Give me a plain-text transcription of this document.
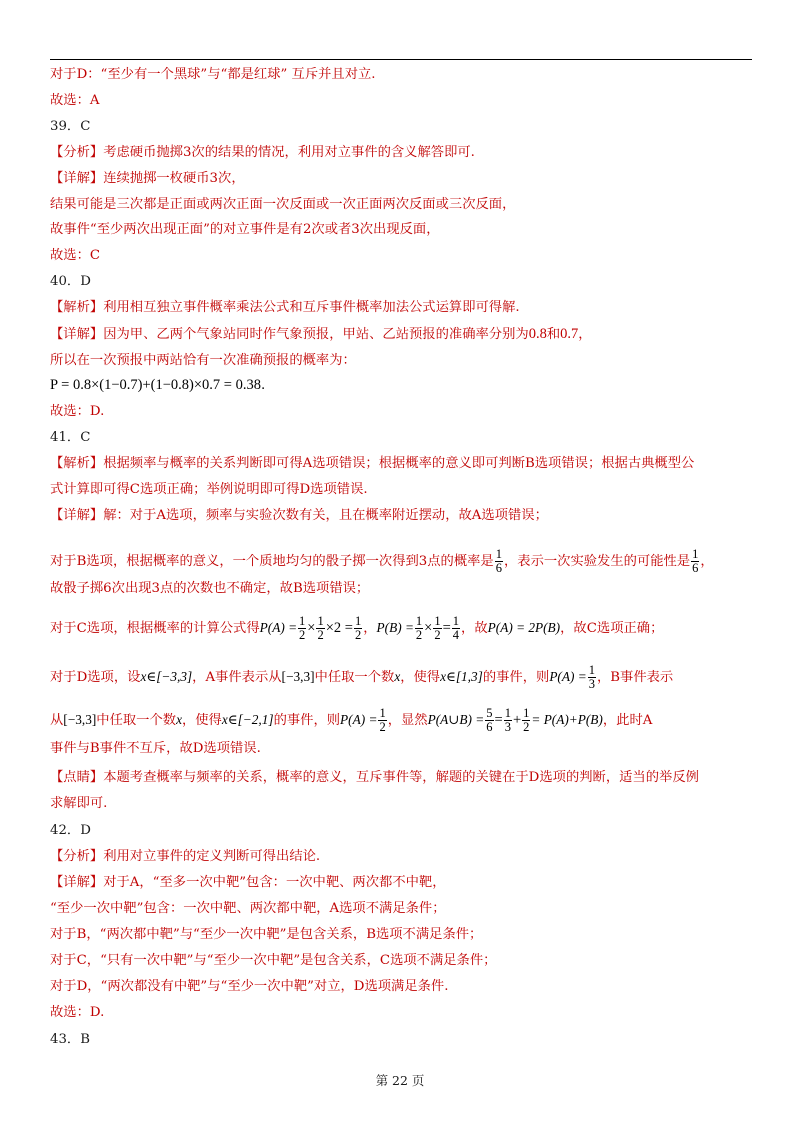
对于D：“至少有一个黑球”与“都是红球” 互斥并且对立.
故选：A
39．C
【分析】考虑硬币抛掷3次的结果的情况，利用对立事件的含义解答即可.
【详解】连续抛掷一枚硬币3次，
结果可能是三次都是正面或两次正面一次反面或一次正面两次反面或三次反面，
故事件“至少两次出现正面”的对立事件是有2次或者3次出现反面，
故选：C
40．D
【解析】利用相互独立事件概率乘法公式和互斥事件概率加法公式运算即可得解.
所以在一次预报中两站恰有一次准确预报的概率为：
故选：D.
41．C
【解析】根据频率与概率的关系判断即可得A选项错误；根据概率的意义即可判断B选项错误；根据古典概型公
式计算即可得C选项正确；举例说明即可得D选项错误.
【详解】解：对于A选项，频率与实验次数有关，且在概率附近摆动，故A选项错误；
故骰子掷6次出现3点的次数也不确定，故B选项错误；
事件与B事件不互斥，故D选项错误.
【点睛】本题考查概率与频率的关系，概率的意义，互斥事件等，解题的关键在于D选项的判断，适当的举反例
求解即可.
42．D
【分析】利用对立事件的定义判断可得出结论.
【详解】对于A，“至多一次中靶”包含：一次中靶、两次都不中靶，
“至少一次中靶”包含：一次中靶、两次都中靶，A选项不满足条件；
对于B，“两次都中靶”与“至少一次中靶”是包含关系，B选项不满足条件；
对于C，“只有一次中靶”与“至少一次中靶”是包含关系，C选项不满足条件；
对于D，“两次都没有中靶”与“至少一次中靶”对立，D选项满足条件.
故选：D.
43．B
【详解】因为甲、乙两个气象站同时作气象预报，甲站、乙站预报的准确率分别为0.8和0.7，
P = 0.8×(1−0.7)+(1−0.8)×0.7 = 0.38.
对于B选项，根据概率的意义，一个质地均匀的骰子掷一次得到3点的概率是 $\frac{1}{6}$ ，表示一次实验发生的可能性是 $\frac{1}{6}$ ，
对于C选项，根据概率的计算公式得$P(A) = \frac{1}{2} \times \frac{1}{2} \times 2 = \frac{1}{2}$ ，$P(B) = \frac{1}{2} \times \frac{1}{2} = \frac{1}{4}$ ，故P(A) = 2P(B)，故C选项正确；
对于D选项，设x∈[−3,3]，A事件表示从[−3,3]中任取一个数x，使得x∈[1,3]的事件，则$P(A) = \frac{1}{3}$ ，B事件表示
从[−3,3]中任取一个数x，使得x∈[−2,1]的事件，则$P(A) = \frac{1}{2}$ ，显然P(A∪B) = $\frac{5}{6} = \frac{1}{3} + \frac{1}{2} = P(A)+P(B)$，此时A
第 22 页
